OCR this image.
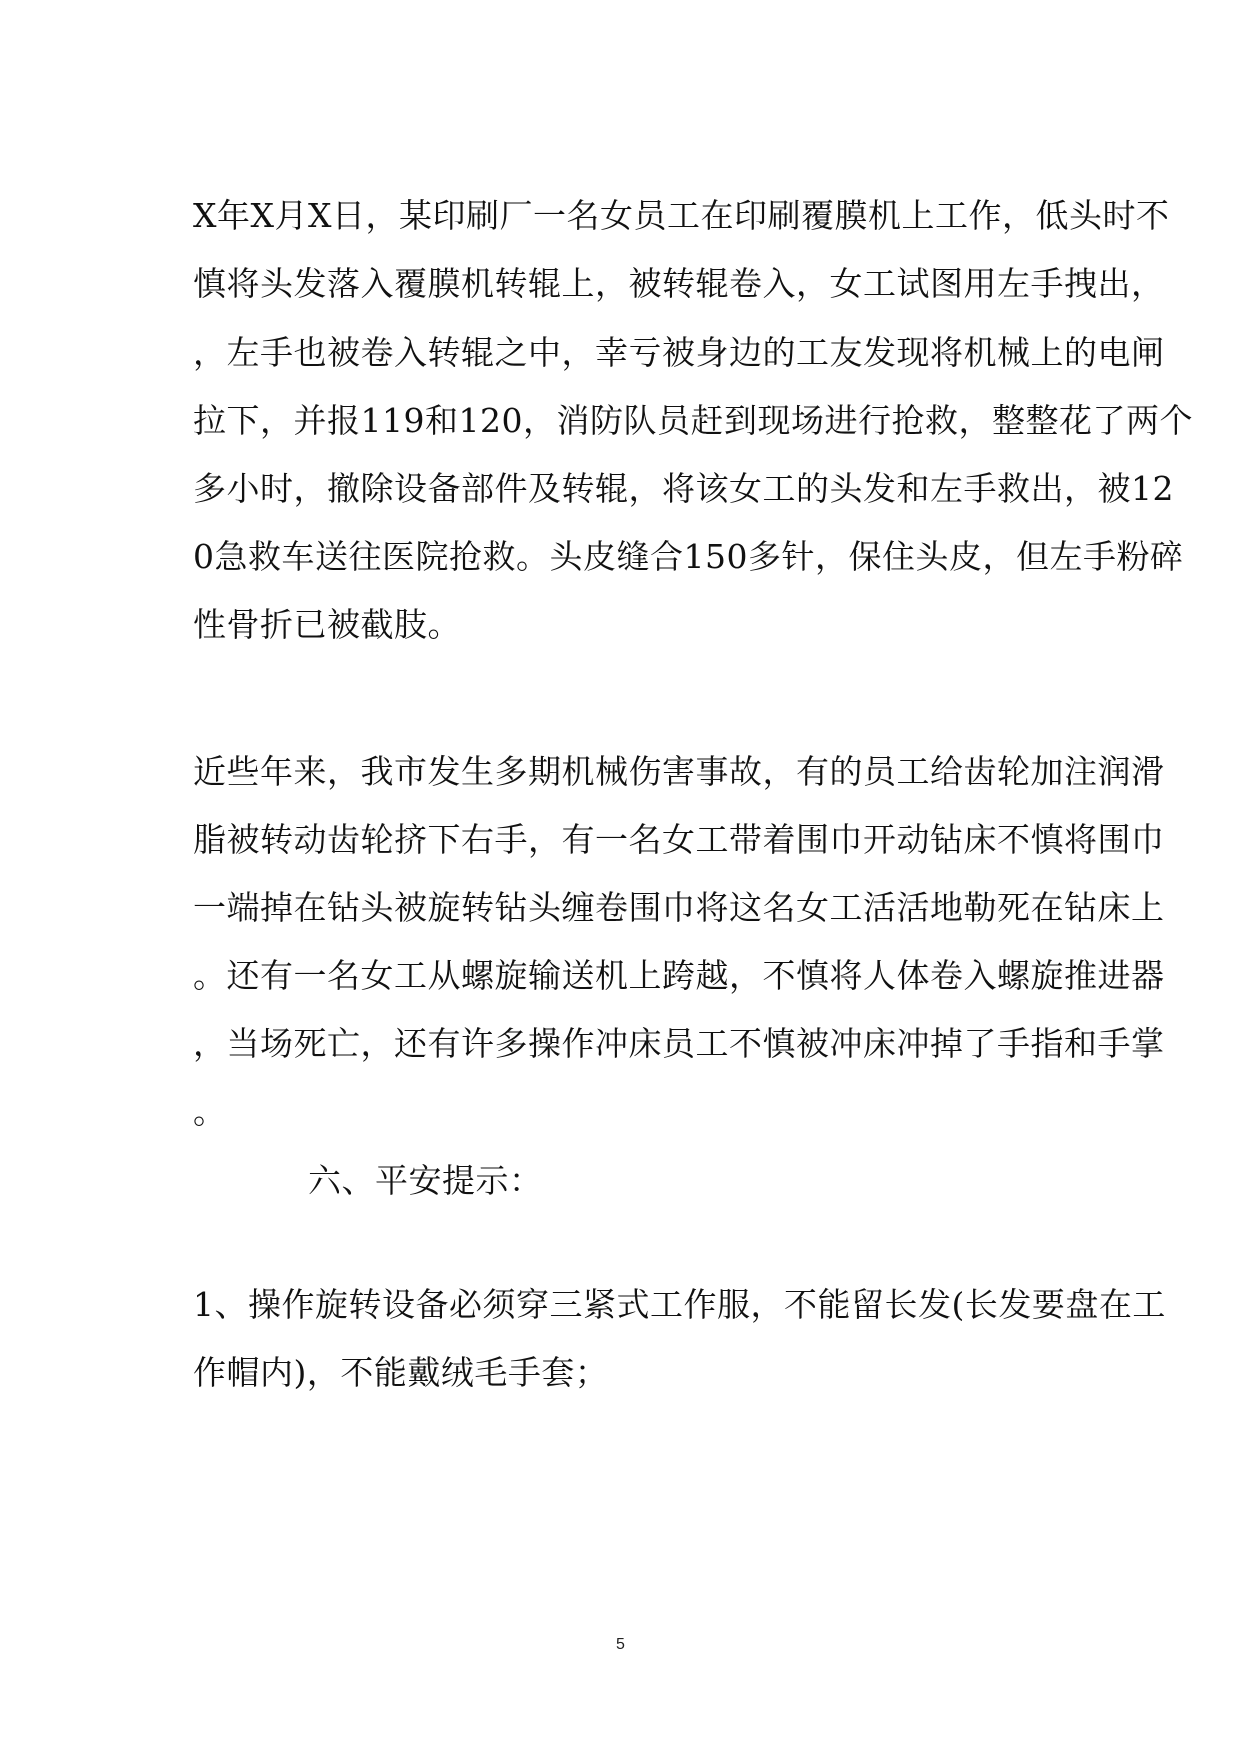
X年X月X日，某印刷厂一名女员工在印刷覆膜机上工作，低头时不
慎将头发落入覆膜机转辊上，被转辊卷入，女工试图用左手拽出，
，左手也被卷入转辊之中，幸亏被身边的工友发现将机械上的电闸
拉下，并报119和120，消防队员赶到现场进行抢救，整整花了两个
多小时，撤除设备部件及转辊，将该女工的头发和左手救出，被12
0急救车送往医院抢救。头皮缝合150多针，保住头皮，但左手粉碎
性骨折已被截肢。
近些年来，我市发生多期机械伤害事故，有的员工给齿轮加注润滑
脂被转动齿轮挤下右手，有一名女工带着围巾开动钻床不慎将围巾
一端掉在钻头被旋转钻头缠卷围巾将这名女工活活地勒死在钻床上
。还有一名女工从螺旋输送机上跨越，不慎将人体卷入螺旋推进器
，当场死亡，还有许多操作冲床员工不慎被冲床冲掉了手指和手掌
。
六、平安提示：
1、操作旋转设备必须穿三紧式工作服，不能留长发(长发要盘在工
作帽内)，不能戴绒毛手套；
5
